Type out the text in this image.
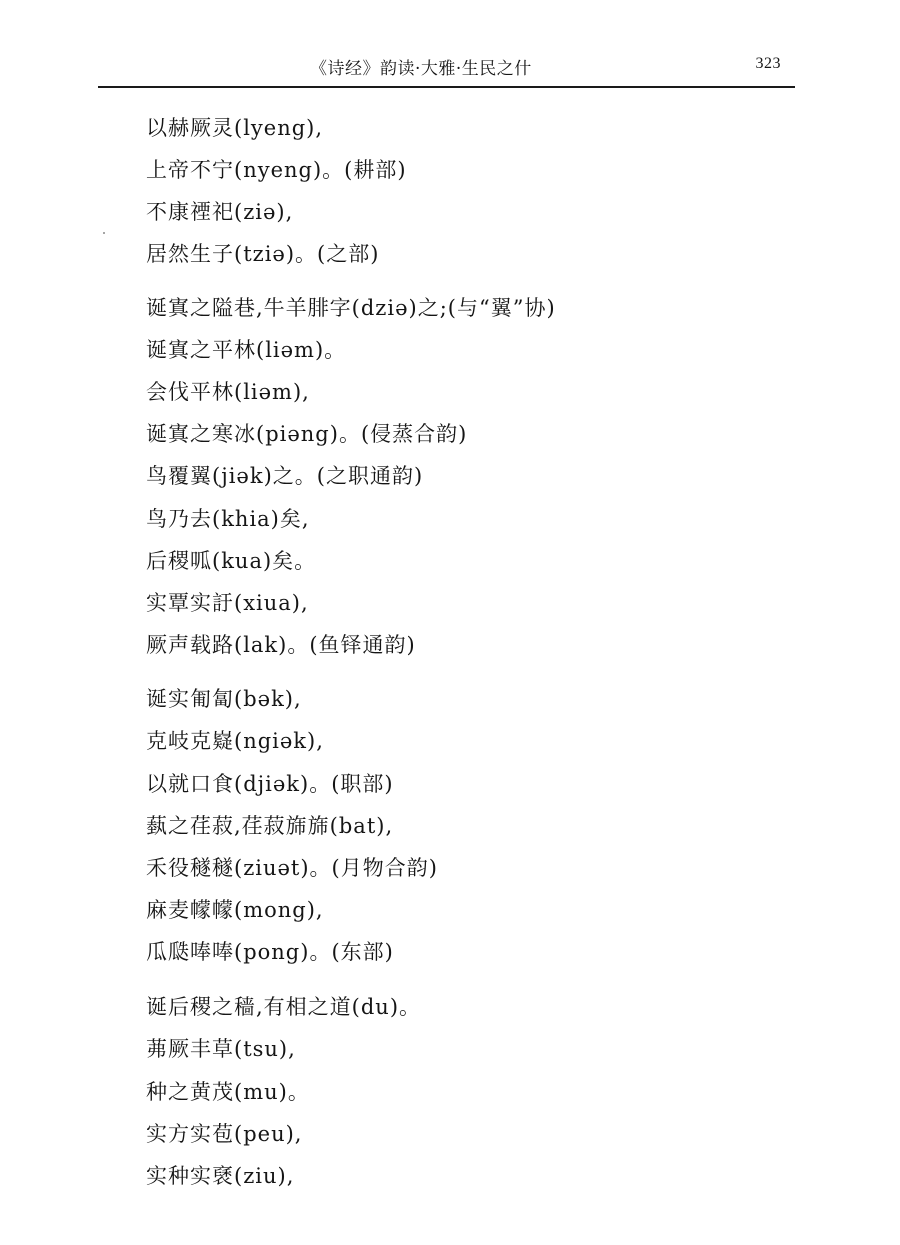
《诗经》韵读·大雅·生民之什	323
以赫厥灵(lyeng),
上帝不宁(nyeng)。(耕部)
不康禋祀(ziə),
居然生子(tziə)。(之部)
诞寘之隘巷,牛羊腓字(dziə)之;(与“翼”协)
诞寘之平林(liəm)。
会伐平林(liəm),
诞寘之寒冰(piəng)。(侵蒸合韵)
鸟覆翼(jiək)之。(之职通韵)
鸟乃去(khia)矣,
后稷呱(kua)矣。
实覃实訏(xiua),
厥声载路(lak)。(鱼铎通韵)
诞实匍匐(bək),
克岐克嶷(ngiək),
以就口食(djiək)。(职部)
蓺之荏菽,荏菽旆旆(bat),
禾役穟穟(ziuət)。(月物合韵)
麻麦幪幪(mong),
瓜瓞唪唪(pong)。(东部)
诞后稷之穑,有相之道(du)。
茀厥丰草(tsu),
种之黄茂(mu)。
实方实苞(peu),
实种实褎(ziu),
